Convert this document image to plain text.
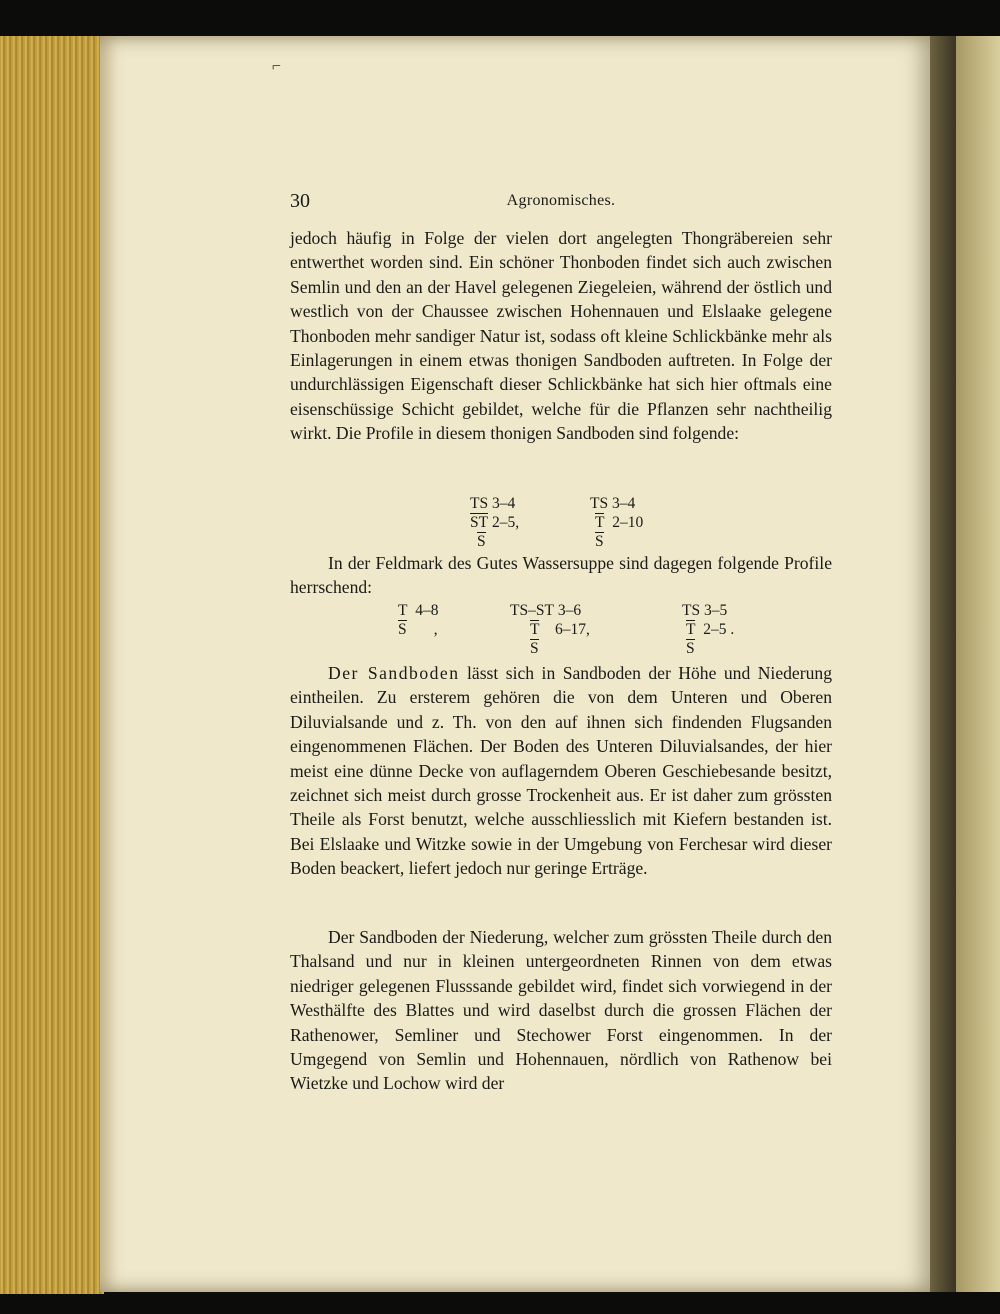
30	Agronomisches.

jedoch häufig in Folge der vielen dort angelegten Thongräbereien sehr entwerthet worden sind. Ein schöner Thonboden findet sich auch zwischen Semlin und den an der Havel gelegenen Ziegeleien, während der östlich und westlich von der Chaussee zwischen Hohennauen und Elslaake gelegene Thonboden mehr sandiger Natur ist, sodass oft kleine Schlickbänke mehr als Einlagerungen in einem etwas thonigen Sandboden auftreten. In Folge der undurchlässigen Eigenschaft dieser Schlickbänke hat sich hier oftmals eine eisenschüssige Schicht gebildet, welche für die Pflanzen sehr nachtheilig wirkt. Die Profile in diesem thonigen Sandboden sind folgende:

TS 3–4
ST 2–5,
S
TS 3–4
T 2–10
S

In der Feldmark des Gutes Wassersuppe sind dagegen folgende Profile herrschend:

T 4–8
S ,
TS–ST 3–6
T 6–17,
S
TS 3–5
T 2–5 .
S

Der Sandboden lässt sich in Sandboden der Höhe und Niederung eintheilen. Zu ersterem gehören die von dem Unteren und Oberen Diluvialsande und z. Th. von den auf ihnen sich findenden Flugsanden eingenommenen Flächen. Der Boden des Unteren Diluvialsandes, der hier meist eine dünne Decke von auflagerndem Oberen Geschiebesande besitzt, zeichnet sich meist durch grosse Trockenheit aus. Er ist daher zum grössten Theile als Forst benutzt, welche ausschliesslich mit Kiefern bestanden ist. Bei Elslaake und Witzke sowie in der Umgebung von Ferchesar wird dieser Boden beackert, liefert jedoch nur geringe Erträge.

Der Sandboden der Niederung, welcher zum grössten Theile durch den Thalsand und nur in kleinen untergeordneten Rinnen von dem etwas niedriger gelegenen Flusssande gebildet wird, findet sich vorwiegend in der Westhälfte des Blattes und wird daselbst durch die grossen Flächen der Rathenower, Semliner und Stechower Forst eingenommen. In der Umgegend von Semlin und Hohennauen, nördlich von Rathenow bei Wietzke und Lochow wird der

⌐
